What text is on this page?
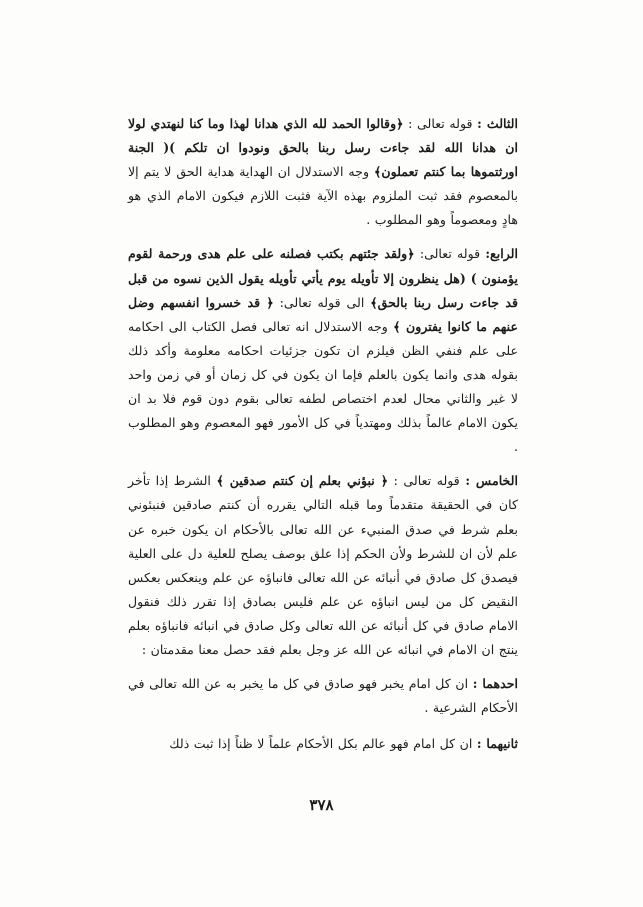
الثالث : قوله تعالى : ﴿وقالوا الحمد لله الذي هدانا لهذا وما كنا لنهتدي لولا ان هدانا الله لقد جاءت رسل ربنا بالحق ونودوا ان تلكم )( الجنة اورثتموها بما كنتم تعملون﴾ وجه الاستدلال ان الهداية هداية الحق لا يتم إلا بالمعصوم فقد ثبت الملزوم بهذه الآية فثبت اللازم فيكون الامام الذي هو هادٍ ومعصوماً وهو المطلوب .

الرابع: قوله تعالى: ﴿ولقد جئتهم بكتب فصلنه على علم هدى ورحمة لقوم يؤمنون ) (هل ينظرون إلا تأويله يوم يأتي تأويله يقول الذين نسوه من قبل قد جاءت رسل ربنا بالحق﴾ الى قوله تعالى: ﴿ قد خسروا انفسهم وضل عنهم ما كانوا يفترون ﴾ وجه الاستدلال انه تعالى فصل الكتاب الى احكامه على علم فنفي الظن فيلزم ان تكون جزئيات احكامه معلومة وأكد ذلك بقوله هدى وانما يكون بالعلم فإما ان يكون في كل زمان أو في زمن واحد لا غير والثاني محال لعدم اختصاص لطفه تعالى بقوم دون قوم فلا بد ان يكون الامام عالماً بذلك ومهتدياً في كل الأمور فهو المعصوم وهو المطلوب .

الخامس : قوله تعالى : ﴿ نبؤني بعلم إن كنتم صدقين ﴾ الشرط إذا تأخر كان في الحقيقة متقدماً وما قبله التالي يقرره أن كنتم صادقين فنبئوني بعلم شرط في صدق المنبيء عن الله تعالى بالأحكام ان يكون خبره عن علم لأن ان للشرط ولأن الحكم إذا علق بوصف يصلح للعلية دل على العلية فيصدق كل صادق في أنبائه عن الله تعالى فانباؤه عن علم وينعكس بعكس النقيض كل من ليس انباؤه عن علم فليس بصادق إذا تقرر ذلك فنقول الامام صادق في كل أنبائه عن الله تعالى وكل صادق في انبائه فانباؤه بعلم ينتج ان الامام في انبائه عن الله عز وجل بعلم فقد حصل معنا مقدمتان :

احدهما : ان كل امام يخبر فهو صادق في كل ما يخبر به عن الله تعالى في الأحكام الشرعية .

ثانيهما : ان كل امام فهو عالم بكل الأحكام علماً لا ظناً إذا ثبت ذلك

٣٧٨
